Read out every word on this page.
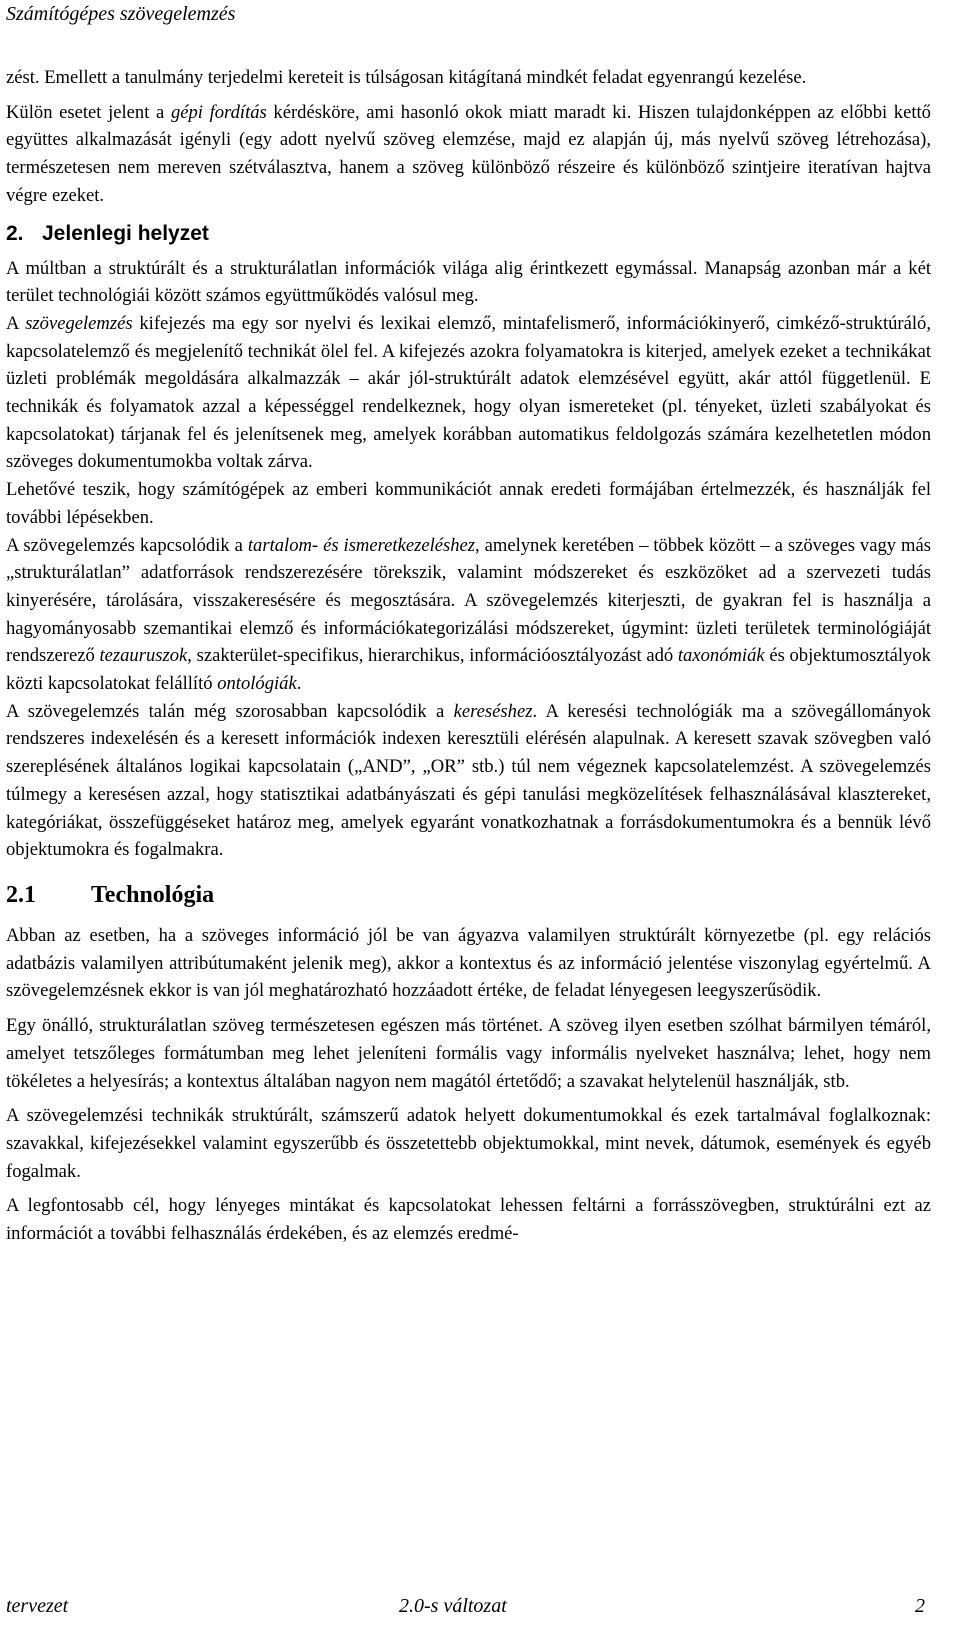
Számítógépes szövegelemzés

zést. Emellett a tanulmány terjedelmi kereteit is túlságosan kitágítaná mindkét feladat egyenrangú kezelése.

Külön esetet jelent a gépi fordítás kérdésköre, ami hasonló okok miatt maradt ki. Hiszen tulajdonképpen az előbbi kettő együttes alkalmazását igényli (egy adott nyelvű szöveg elemzése, majd ez alapján új, más nyelvű szöveg létrehozása), természetesen nem mereven szétválasztva, hanem a szöveg különböző részeire és különböző szintjeire iteratívan hajtva végre ezeket.

2. Jelenlegi helyzet

A múltban a struktúrált és a strukturálatlan információk világa alig érintkezett egymással. Manapság azonban már a két terület technológiái között számos együttműködés valósul meg.

A szövegelemzés kifejezés ma egy sor nyelvi és lexikai elemző, mintafelismerő, információkinyerő, cimkéző-struktúráló, kapcsolatelemző és megjelenítő technikát ölel fel. A kifejezés azokra folyamatokra is kiterjed, amelyek ezeket a technikákat üzleti problémák megoldására alkalmazzák – akár jól-struktúrált adatok elemzésével együtt, akár attól függetlenül. E technikák és folyamatok azzal a képességgel rendelkeznek, hogy olyan ismereteket (pl. tényeket, üzleti szabályokat és kapcsolatokat) tárjanak fel és jelenítsenek meg, amelyek korábban automatikus feldolgozás számára kezelhetetlen módon szöveges dokumentumokba voltak zárva.

Lehetővé teszik, hogy számítógépek az emberi kommunikációt annak eredeti formájában értelmezzék, és használják fel további lépésekben.

A szövegelemzés kapcsolódik a tartalom- és ismeretkezeléshez, amelynek keretében – többek között – a szöveges vagy más „strukturálatlan” adatforrások rendszerezésére törekszik, valamint módszereket és eszközöket ad a szervezeti tudás kinyerésére, tárolására, visszakeresésére és megosztására. A szövegelemzés kiterjeszti, de gyakran fel is használja a hagyományosabb szemantikai elemző és információkategorizálási módszereket, úgymint: üzleti területek terminológiáját rendszerező tezauruszok, szakterület-specifikus, hierarchikus, információosztályozást adó taxonómiák és objektumosztályok közti kapcsolatokat felállító ontológiák.

A szövegelemzés talán még szorosabban kapcsolódik a kereséshez. A keresési technológiák ma a szövegállományok rendszeres indexelésén és a keresett információk indexen keresztüli elérésén alapulnak. A keresett szavak szövegben való szereplésének általános logikai kapcsolatain („AND”, „OR” stb.) túl nem végeznek kapcsolatelemzést. A szövegelemzés túlmegy a keresésen azzal, hogy statisztikai adatbányászati és gépi tanulási megközelítések felhasználásával klasztereket, kategóriákat, összefüggéseket határoz meg, amelyek egyaránt vonatkozhatnak a forrásdokumentumokra és a bennük lévő objektumokra és fogalmakra.

2.1 Technológia

Abban az esetben, ha a szöveges információ jól be van ágyazva valamilyen struktúrált környezetbe (pl. egy relációs adatbázis valamilyen attribútumaként jelenik meg), akkor a kontextus és az információ jelentése viszonylag egyértelmű. A szövegelemzésnek ekkor is van jól meghatározható hozzáadott értéke, de feladat lényegesen leegyszerűsödik.

Egy önálló, strukturálatlan szöveg természetesen egészen más történet. A szöveg ilyen esetben szólhat bármilyen témáról, amelyet tetszőleges formátumban meg lehet jeleníteni formális vagy informális nyelveket használva; lehet, hogy nem tökéletes a helyesírás; a kontextus általában nagyon nem magától értetődő; a szavakat helytelenül használják, stb.

A szövegelemzési technikák struktúrált, számszerű adatok helyett dokumentumokkal és ezek tartalmával foglalkoznak: szavakkal, kifejezésekkel valamint egyszerűbb és összetettebb objektumokkal, mint nevek, dátumok, események és egyéb fogalmak.

A legfontosabb cél, hogy lényeges mintákat és kapcsolatokat lehessen feltárni a forrásszövegben, struktúrálni ezt az információt a további felhasználás érdekében, és az elemzés eredmé-

tervezet	2.0-s változat	2
